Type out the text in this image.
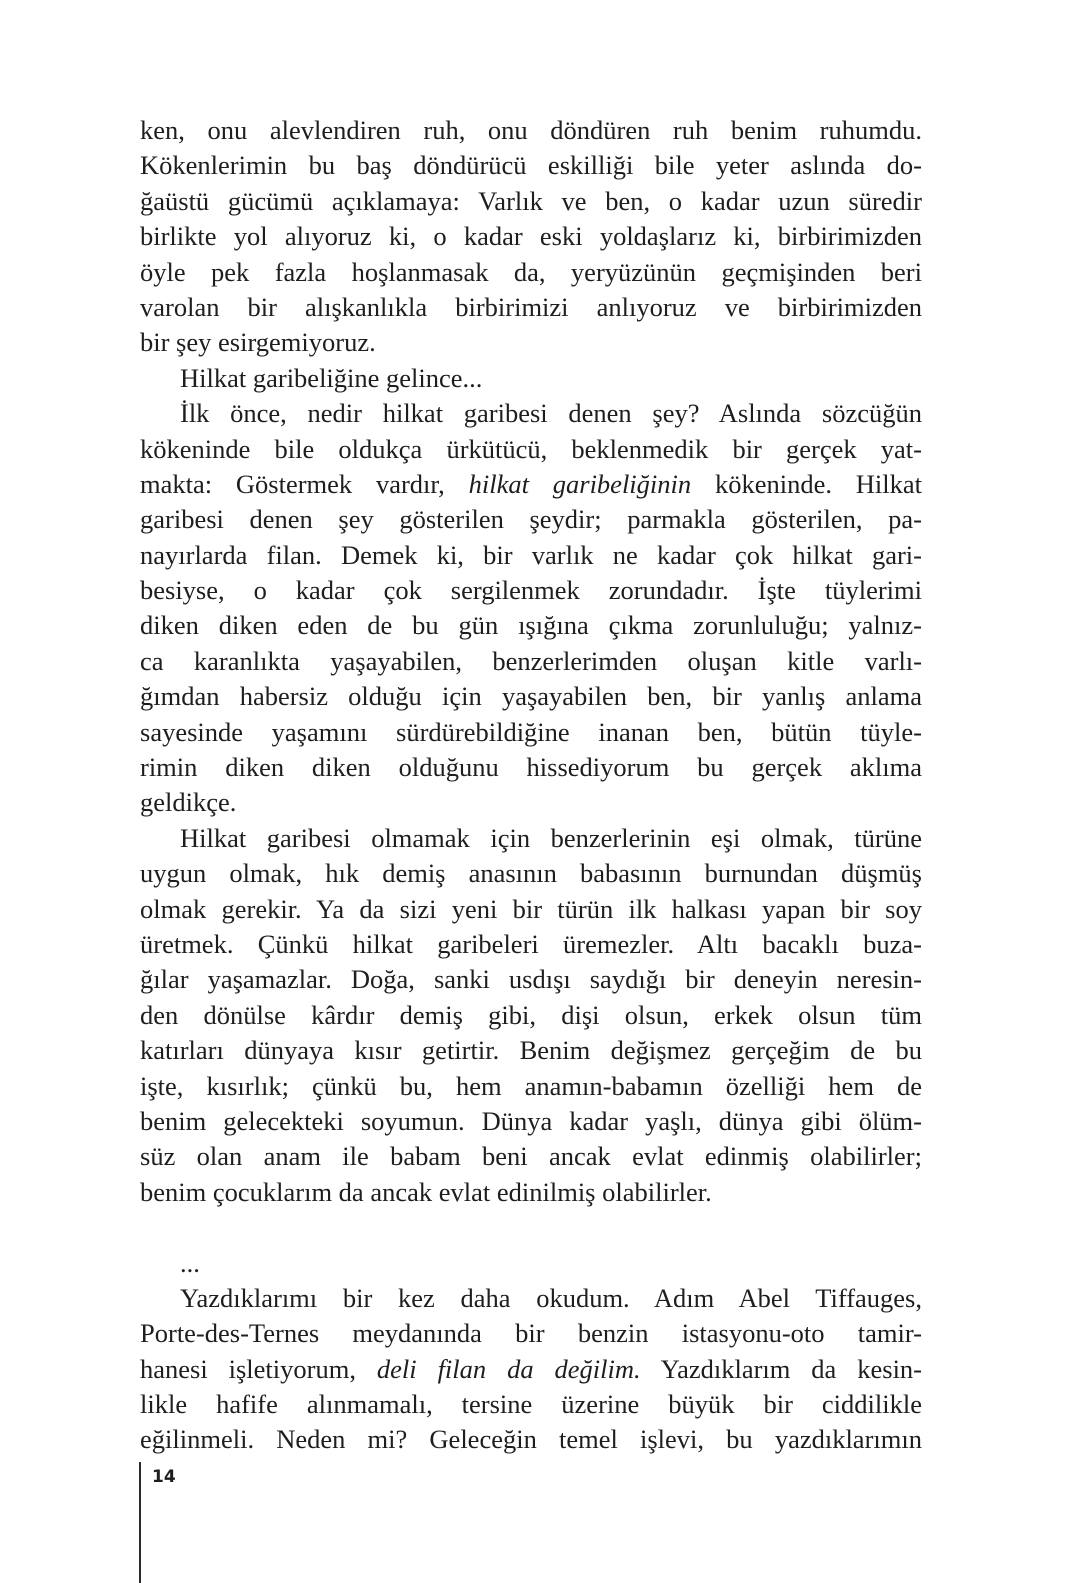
ken, onu alevlendiren ruh, onu döndüren ruh benim ruhumdu.
Kökenlerimin bu baş döndürücü eskilliği bile yeter aslında do-
ğaüstü gücümü açıklamaya: Varlık ve ben, o kadar uzun süredir
birlikte yol alıyoruz ki, o kadar eski yoldaşlarız ki, birbirimizden
öyle pek fazla hoşlanmasak da, yeryüzünün geçmişinden beri
varolan bir alışkanlıkla birbirimizi anlıyoruz ve birbirimizden
bir şey esirgemiyoruz.
Hilkat garibeliğine gelince...
İlk önce, nedir hilkat garibesi denen şey? Aslında sözcüğün
kökeninde bile oldukça ürkütücü, beklenmedik bir gerçek yat-
makta: Göstermek vardır, hilkat garibeliğinin kökeninde. Hilkat
garibesi denen şey gösterilen şeydir; parmakla gösterilen, pa-
nayırlarda filan. Demek ki, bir varlık ne kadar çok hilkat gari-
besiyse, o kadar çok sergilenmek zorundadır. İşte tüylerimi
diken diken eden de bu gün ışığına çıkma zorunluluğu; yalnız-
ca karanlıkta yaşayabilen, benzerlerimden oluşan kitle varlı-
ğımdan habersiz olduğu için yaşayabilen ben, bir yanlış anlama
sayesinde yaşamını sürdürebildiğine inanan ben, bütün tüyle-
rimin diken diken olduğunu hissediyorum bu gerçek aklıma
geldikçe.
Hilkat garibesi olmamak için benzerlerinin eşi olmak, türüne
uygun olmak, hık demiş anasının babasının burnundan düşmüş
olmak gerekir. Ya da sizi yeni bir türün ilk halkası yapan bir soy
üretmek. Çünkü hilkat garibeleri üremezler. Altı bacaklı buza-
ğılar yaşamazlar. Doğa, sanki usdışı saydığı bir deneyin neresin-
den dönülse kârdır demiş gibi, dişi olsun, erkek olsun tüm
katırları dünyaya kısır getirtir. Benim değişmez gerçeğim de bu
işte, kısırlık; çünkü bu, hem anamın-babamın özelliği hem de
benim gelecekteki soyumun. Dünya kadar yaşlı, dünya gibi ölüm-
süz olan anam ile babam beni ancak evlat edinmiş olabilirler;
benim çocuklarım da ancak evlat edinilmiş olabilirler.
...
Yazdıklarımı bir kez daha okudum. Adım Abel Tiffauges,
Porte-des-Ternes meydanında bir benzin istasyonu-oto tamir-
hanesi işletiyorum, deli filan da değilim. Yazdıklarım da kesin-
likle hafife alınmamalı, tersine üzerine büyük bir ciddilikle
eğilinmeli. Neden mi? Geleceğin temel işlevi, bu yazdıklarımın
14
